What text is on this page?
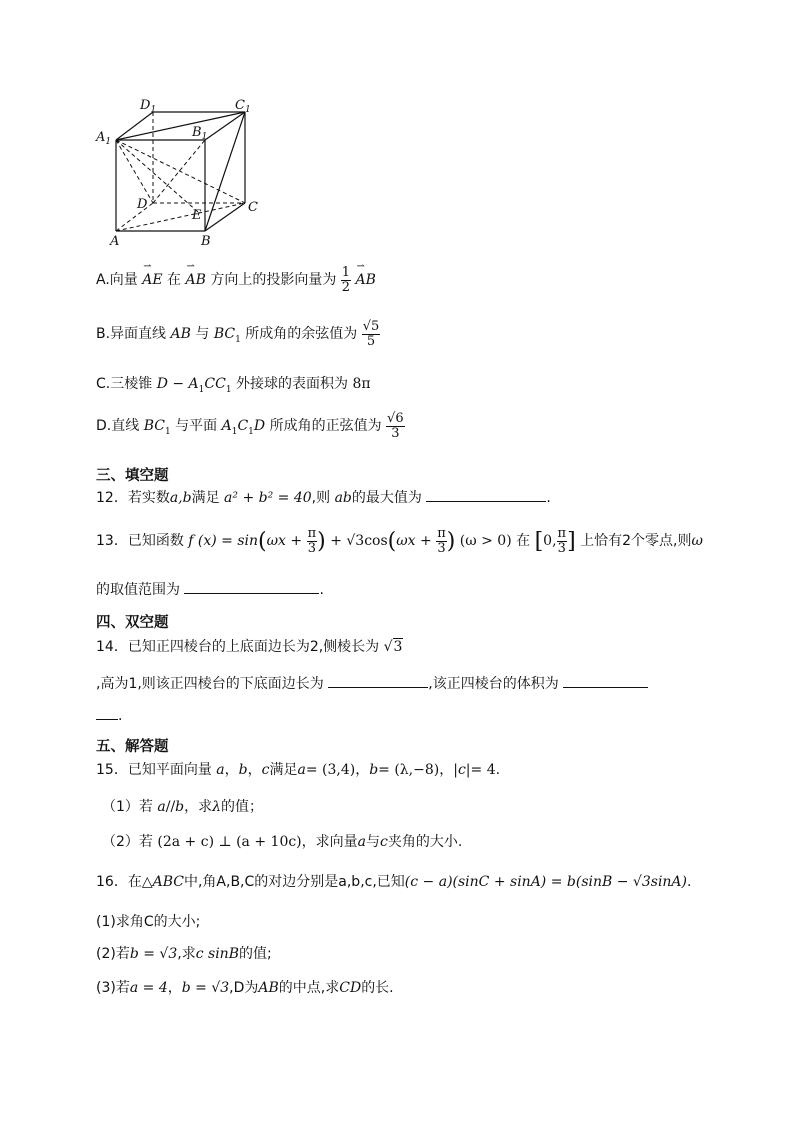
$D_1$	$C_1$
$A_1$
$B_1$
D
E
C
A	B
A.向量 ⇀ AE 在 ⇀ AB 方向上的投影向量为 $\frac{1}{2}$ ⇀ AB
B.异面直线 AB 与 $BC_1$ 所成角的余弦值为 $\frac{√5}{5}$
C.三棱锥 $D - A_1CC_1$ 外接球的表面积为 8π
D.直线 $BC_1$ 与平面 $A_1C_1D$ 所成角的正弦值为 $\frac{√6}{3}$
三、填空题
12．若实数a,b满足 a² + b² = 40,则 ab的最大值为	.
13．已知函数 f $(x) = \sin(\omega x + \frac{\pi}{3}$ ) + $√3\cos(\omega x + \frac{\pi}{3}$ ) (ω > 0) 在 [0, $\frac{\pi}{3}$ ] 上恰有2个零点,则ω
的取值范围为	.
四、双空题
14．已知正四棱台的上底面边长为2,侧棱长为 √3
,高为1,则该正四棱台的下底面边长为	,该正四棱台的体积为
.
五、解答题
15．已知平面向量 a，b，c满足a= (3,4)，b= (λ,−8)，|c|= 4.
（1）若 a//b，求λ的值；
（2）若 (2a + c) ⊥ (a + 10c)，求向量a与c夹角的大小.
16．在△ABC中,角A,B,C的对边分别是a,b,c,已知(c − a)(sinC + sinA) = b(sinB − √3sinA).
(1)求角C的大小;
(2)若b = √3,求c sinB的值;
(3)若a = 4，b = √3,D为AB的中点,求CD的长.
